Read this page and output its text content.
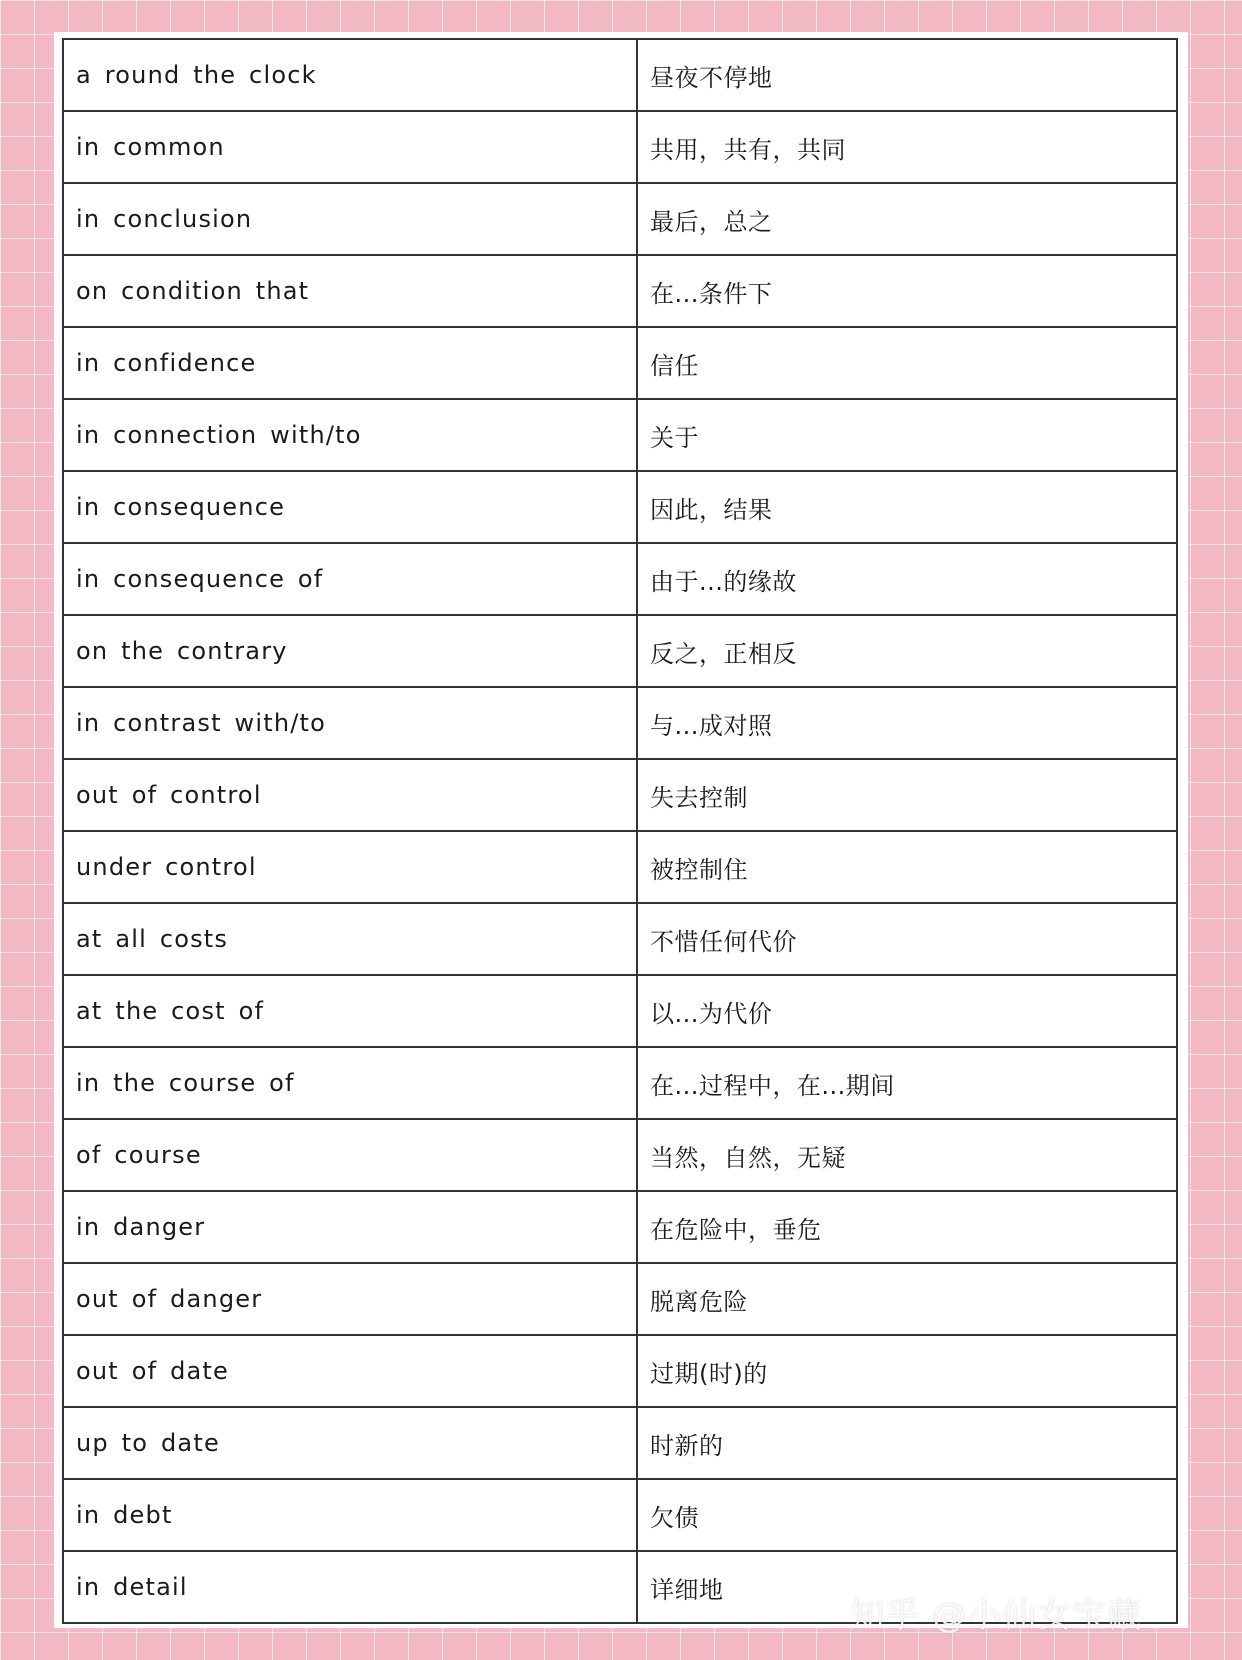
a round the clock	昼夜不停地
in common	共用，共有，共同
in conclusion	最后，总之
on condition that	在...条件下
in confidence	信任
in connection with/to	关于
in consequence	因此，结果
in consequence of	由于...的缘故
on the contrary	反之，正相反
in contrast with/to	与...成对照
out of control	失去控制
under control	被控制住
at all costs	不惜任何代价
at the cost of	以...为代价
in the course of	在...过程中，在...期间
of course	当然，自然，无疑
in danger	在危险中，垂危
out of danger	脱离危险
out of date	过期(时)的
up to date	时新的
in debt	欠债
in detail	详细地
知乎 @小仙女宝藏
